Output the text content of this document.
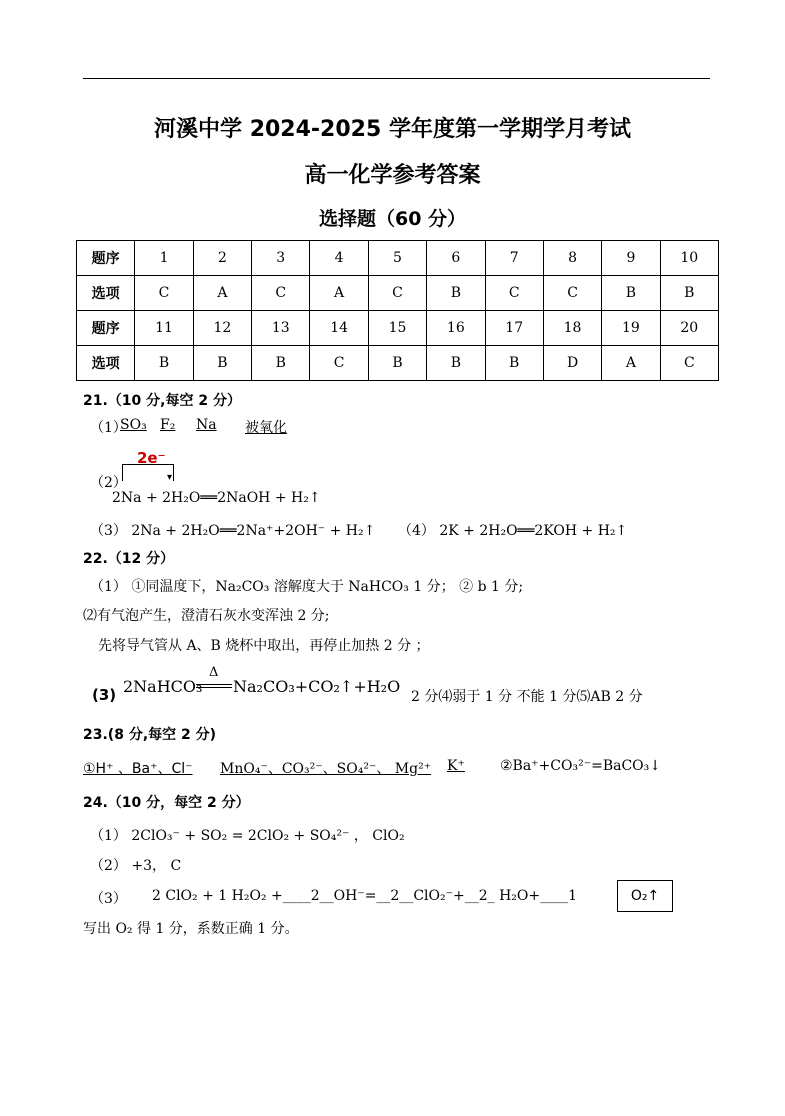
河溪中学 2024-2025 学年度第一学期学月考试
高一化学参考答案
选择题（60 分）
题序	1	2	3	4	5	6	7	8	9	10
选项	C	A	C	A	C	B	C	C	B	B
题序	11	12	13	14	15	16	17	18	19	20
选项	B	B	B	C	B	B	B	D	A	C
21.（10 分,每空 2 分）
（1）
SO₃ F₂ Na 被氧化
（2）
2e⁻
▾
2Na + 2H₂O══2NaOH + H₂↑
（3） 2Na + 2H₂O══2Na⁺+2OH⁻ + H₂↑ （4） 2K + 2H₂O══2KOH + H₂↑
22.（12 分）
（1） ①同温度下，Na₂CO₃ 溶解度大于 NaHCO₃ 1 分； ② b 1 分;
⑵有气泡产生，澄清石灰水变浑浊 2 分;
先将导气管从 A、B 烧杯中取出，再停止加热 2 分 ；
(3) 2NaHCO₃
Δ
Na₂CO₃+CO₂↑+H₂O
2 分⑷弱于 1 分 不能 1 分⑸AB 2 分
23.(8 分,每空 2 分)
①H⁺ 、Ba⁺、Cl⁻ MnO₄⁻、CO₃²⁻、SO₄²⁻、 Mg²⁺ K⁺	②Ba⁺+CO₃²⁻=BaCO₃↓
24.（10 分，每空 2 分）
（1） 2ClO₃⁻ + SO₂ = 2ClO₂ + SO₄²⁻ ， ClO₂
（2） +3， C
（3） 2 ClO₂ + 1 H₂O₂ +____2__OH⁻=__2__ClO₂⁻+__2_ H₂O+____1	O₂↑
写出 O₂ 得 1 分，系数正确 1 分。
